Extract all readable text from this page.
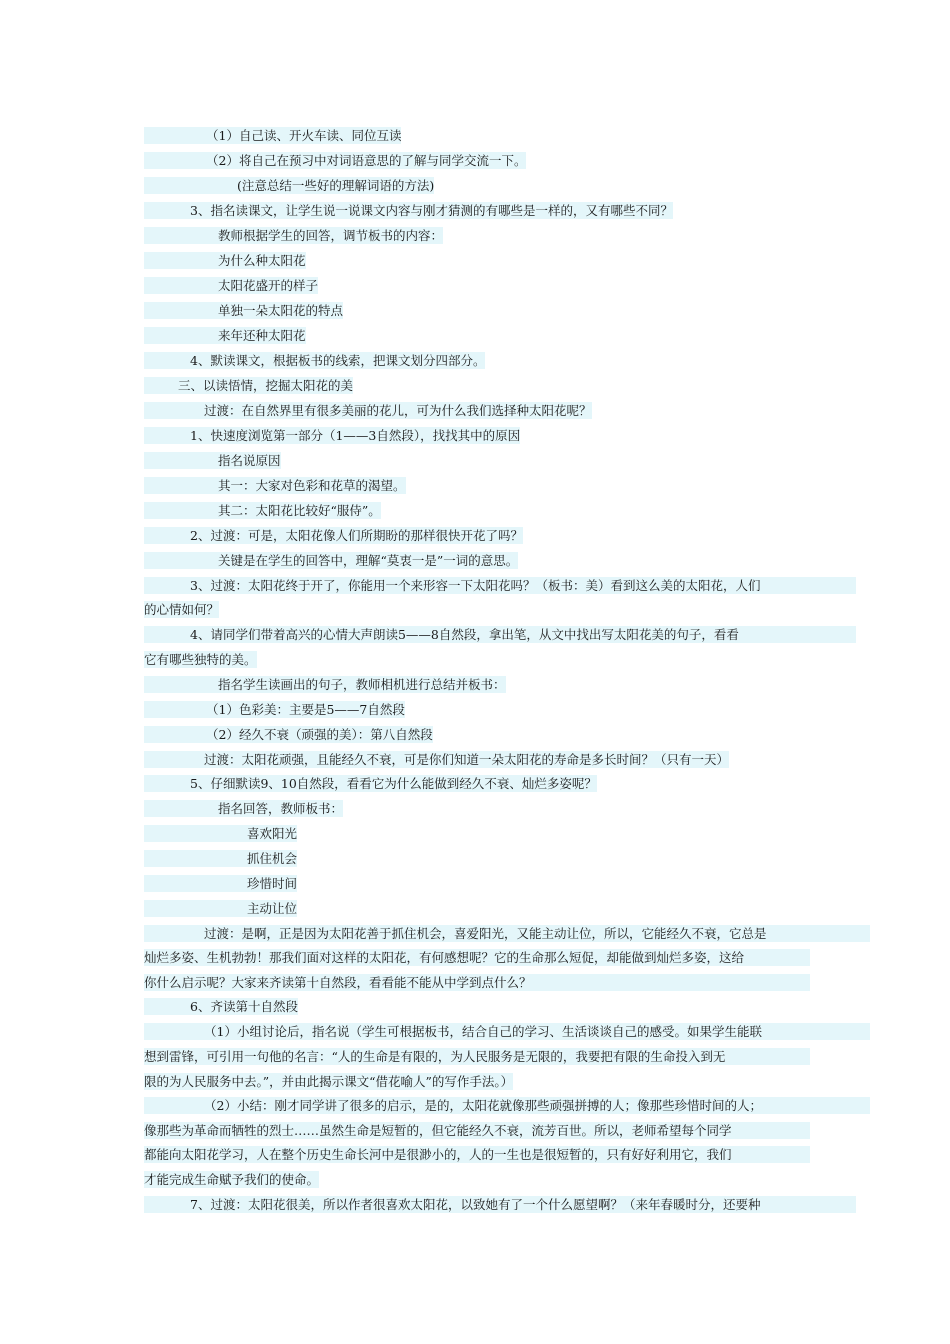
（1）自己读、开火车读、同位互读
（2）将自己在预习中对词语意思的了解与同学交流一下。
(注意总结一些好的理解词语的方法)
3、指名读课文，让学生说一说课文内容与刚才猜测的有哪些是一样的，又有哪些不同？
教师根据学生的回答，调节板书的内容：
为什么种太阳花
太阳花盛开的样子
单独一朵太阳花的特点
来年还种太阳花
4、默读课文，根据板书的线索，把课文划分四部分。
三、以读悟情，挖掘太阳花的美
过渡：在自然界里有很多美丽的花儿，可为什么我们选择种太阳花呢？
1、快速度浏览第一部分（1——3自然段），找找其中的原因
指名说原因
其一：大家对色彩和花草的渴望。
其二：太阳花比较好“服侍”。
2、过渡：可是，太阳花像人们所期盼的那样很快开花了吗？
关键是在学生的回答中，理解“莫衷一是”一词的意思。
3、过渡：太阳花终于开了，你能用一个来形容一下太阳花吗？（板书：美）看到这么美的太阳花，人们
的心情如何？
4、请同学们带着高兴的心情大声朗读5——8自然段，拿出笔，从文中找出写太阳花美的句子，看看
它有哪些独特的美。
指名学生读画出的句子，教师相机进行总结并板书：
（1）色彩美：主要是5——7自然段
（2）经久不衰（顽强的美）：第八自然段
过渡：太阳花顽强，且能经久不衰，可是你们知道一朵太阳花的寿命是多长时间？（只有一天）
5、仔细默读9、10自然段，看看它为什么能做到经久不衰、灿烂多姿呢？
指名回答，教师板书：
喜欢阳光
抓住机会
珍惜时间
主动让位
过渡：是啊，正是因为太阳花善于抓住机会，喜爱阳光，又能主动让位，所以，它能经久不衰，它总是
灿烂多姿、生机勃勃！那我们面对这样的太阳花，有何感想呢？它的生命那么短促，却能做到灿烂多姿，这给
你什么启示呢？大家来齐读第十自然段，看看能不能从中学到点什么？
6、齐读第十自然段
（1）小组讨论后，指名说（学生可根据板书，结合自己的学习、生活谈谈自己的感受。如果学生能联
想到雷锋，可引用一句他的名言：“人的生命是有限的，为人民服务是无限的，我要把有限的生命投入到无
限的为人民服务中去。”，并由此揭示课文“借花喻人”的写作手法。）
（2）小结：刚才同学讲了很多的启示，是的，太阳花就像那些顽强拼搏的人；像那些珍惜时间的人；
像那些为革命而牺牲的烈士……虽然生命是短暂的，但它能经久不衰，流芳百世。所以，老师希望每个同学
都能向太阳花学习，人在整个历史生命长河中是很渺小的，人的一生也是很短暂的，只有好好利用它，我们
才能完成生命赋予我们的使命。
7、过渡：太阳花很美，所以作者很喜欢太阳花，以致她有了一个什么愿望啊？（来年春暖时分，还要种
